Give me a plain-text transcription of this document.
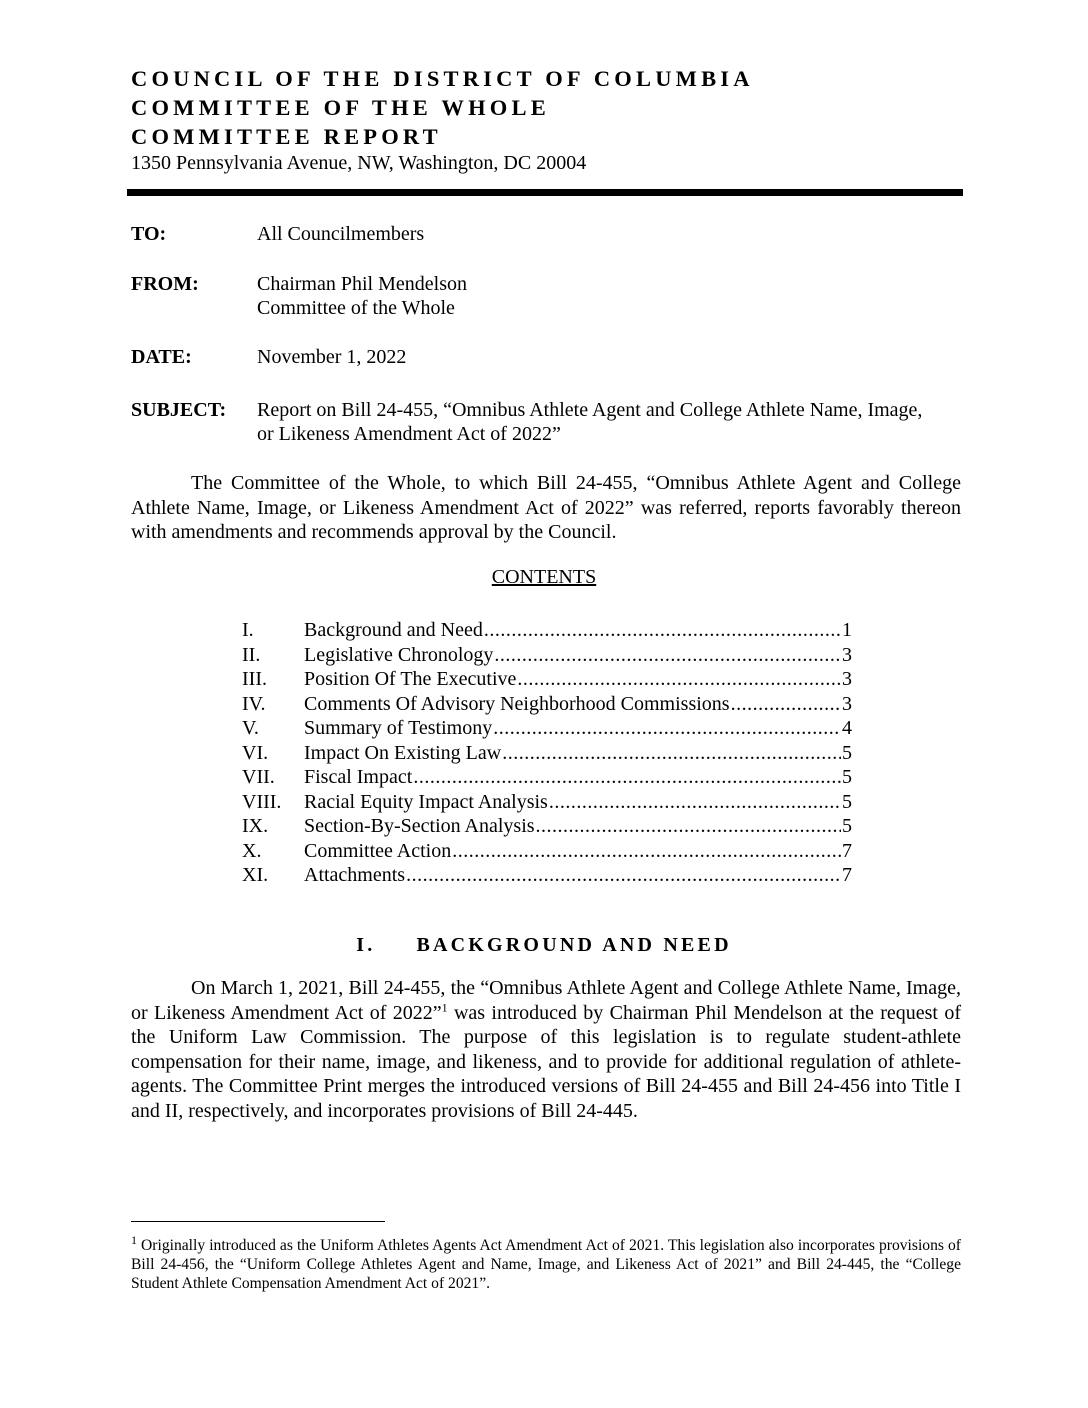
COUNCIL OF THE DISTRICT OF COLUMBIA
COMMITTEE OF THE WHOLE
COMMITTEE REPORT
1350 Pennsylvania Avenue, NW, Washington, DC 20004
TO:	All Councilmembers
FROM:	Chairman Phil Mendelson
Committee of the Whole
DATE:	November 1, 2022
SUBJECT: Report on Bill 24-455, “Omnibus Athlete Agent and College Athlete Name, Image,
or Likeness Amendment Act of 2022”
The Committee of the Whole, to which Bill 24-455, “Omnibus Athlete Agent and College Athlete Name, Image, or Likeness Amendment Act of 2022” was referred, reports favorably thereon with amendments and recommends approval by the Council.
CONTENTS
I.	Background and Need .....	1
II.	Legislative Chronology .....	3
III.	Position Of The Executive .....	3
IV.	Comments Of Advisory Neighborhood Commissions .....	3
V.	Summary of Testimony .....	4
VI.	Impact On Existing Law .....	5
VII.	Fiscal Impact .....	5
VIII.	Racial Equity Impact Analysis .....	5
IX.	Section-By-Section Analysis .....	5
X.	Committee Action .....	7
XI.	Attachments .....	7
I.     BACKGROUND AND NEED
On March 1, 2021, Bill 24-455, the “Omnibus Athlete Agent and College Athlete Name, Image, or Likeness Amendment Act of 2022”$^1$ was introduced by Chairman Phil Mendelson at the request of the Uniform Law Commission. The purpose of this legislation is to regulate student-athlete compensation for their name, image, and likeness, and to provide for additional regulation of athlete-agents. The Committee Print merges the introduced versions of Bill 24-455 and Bill 24-456 into Title I and II, respectively, and incorporates provisions of Bill 24-445.
$^1$ Originally introduced as the Uniform Athletes Agents Act Amendment Act of 2021. This legislation also incorporates provisions of Bill 24-456, the “Uniform College Athletes Agent and Name, Image, and Likeness Act of 2021” and Bill 24-445, the “College Student Athlete Compensation Amendment Act of 2021”.
